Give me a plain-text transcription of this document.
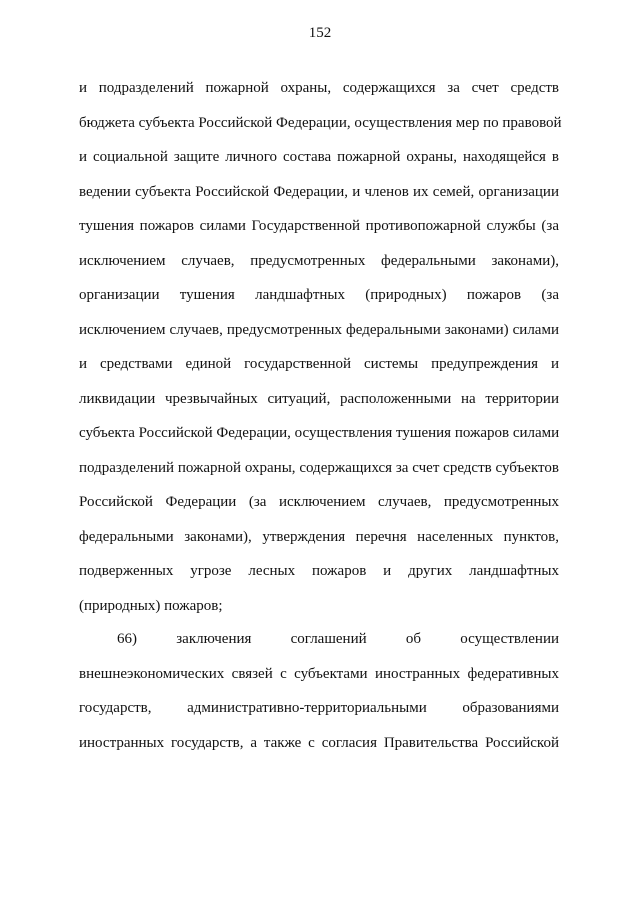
152
и подразделений пожарной охраны, содержащихся за счет средств
бюджета субъекта Российской Федерации, осуществления мер по правовой
и социальной защите личного состава пожарной охраны, находящейся в
ведении субъекта Российской Федерации, и членов их семей, организации
тушения пожаров силами Государственной противопожарной службы (за
исключением случаев, предусмотренных федеральными законами),
организации тушения ландшафтных (природных) пожаров (за
исключением случаев, предусмотренных федеральными законами) силами
и средствами единой государственной системы предупреждения и
ликвидации чрезвычайных ситуаций, расположенными на территории
субъекта Российской Федерации, осуществления тушения пожаров силами
подразделений пожарной охраны, содержащихся за счет средств субъектов
Российской Федерации (за исключением случаев, предусмотренных
федеральными законами), утверждения перечня населенных пунктов,
подверженных угрозе лесных пожаров и других ландшафтных
(природных) пожаров;
66) заключения соглашений об осуществлении
внешнеэкономических связей с субъектами иностранных федеративных
государств, административно-территориальными образованиями
иностранных государств, а также с согласия Правительства Российской
